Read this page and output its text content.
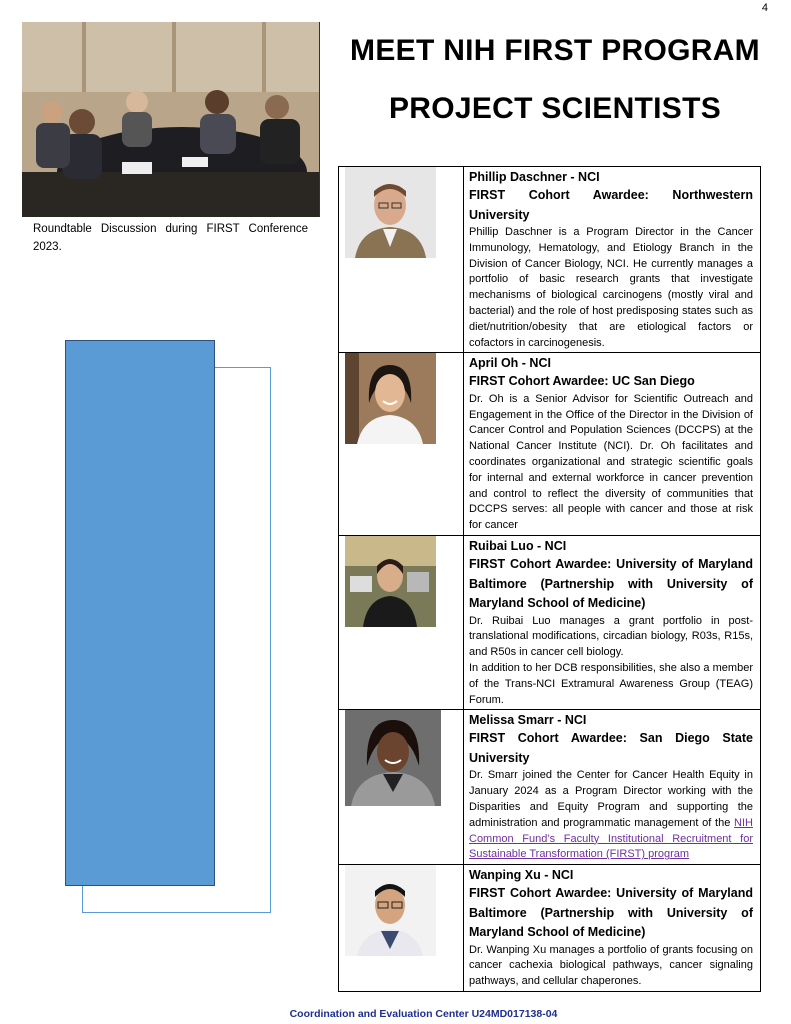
4
Roundtable Discussion during FIRST Conference 2023.
MEET NIH FIRST PROGRAM
PROJECT SCIENTISTS

Phillip Daschner - NCI
FIRST Cohort Awardee: Northwestern University
Phillip Daschner is a Program Director in the Cancer Immunology, Hematology, and Etiology Branch in the Division of Cancer Biology, NCI. He currently manages a portfolio of basic research grants that investigate mechanisms of biological carcinogens (mostly viral and bacterial) and the role of host predisposing states such as diet/nutrition/obesity that are etiological factors or cofactors in carcinogenesis.

April Oh - NCI
FIRST Cohort Awardee: UC San Diego
Dr. Oh is a Senior Advisor for Scientific Outreach and Engagement in the Office of the Director in the Division of Cancer Control and Population Sciences (DCCPS) at the National Cancer Institute (NCI). Dr. Oh facilitates and coordinates organizational and strategic scientific goals for internal and external workforce in cancer prevention and control to reflect the diversity of communities that DCCPS serves: all people with cancer and those at risk for cancer

Ruibai Luo - NCI
FIRST Cohort Awardee: University of Maryland Baltimore (Partnership with University of Maryland School of Medicine)
Dr. Ruibai Luo manages a grant portfolio in post-translational modifications, circadian biology, R03s, R15s, and R50s in cancer cell biology.
In addition to her DCB responsibilities, she also a member of the Trans-NCI Extramural Awareness Group (TEAG) Forum.

Melissa Smarr - NCI
FIRST Cohort Awardee: San Diego State University
Dr. Smarr joined the Center for Cancer Health Equity in January 2024 as a Program Director working with the Disparities and Equity Program and supporting the administration and programmatic management of the NIH Common Fund’s Faculty Institutional Recruitment for Sustainable Transformation (FIRST) program

Wanping Xu - NCI
FIRST Cohort Awardee: University of Maryland Baltimore (Partnership with University of Maryland School of Medicine)
Dr. Wanping Xu manages a portfolio of grants focusing on cancer cachexia biological pathways, cancer signaling pathways, and cellular chaperones.
Coordination and Evaluation Center U24MD017138-04
